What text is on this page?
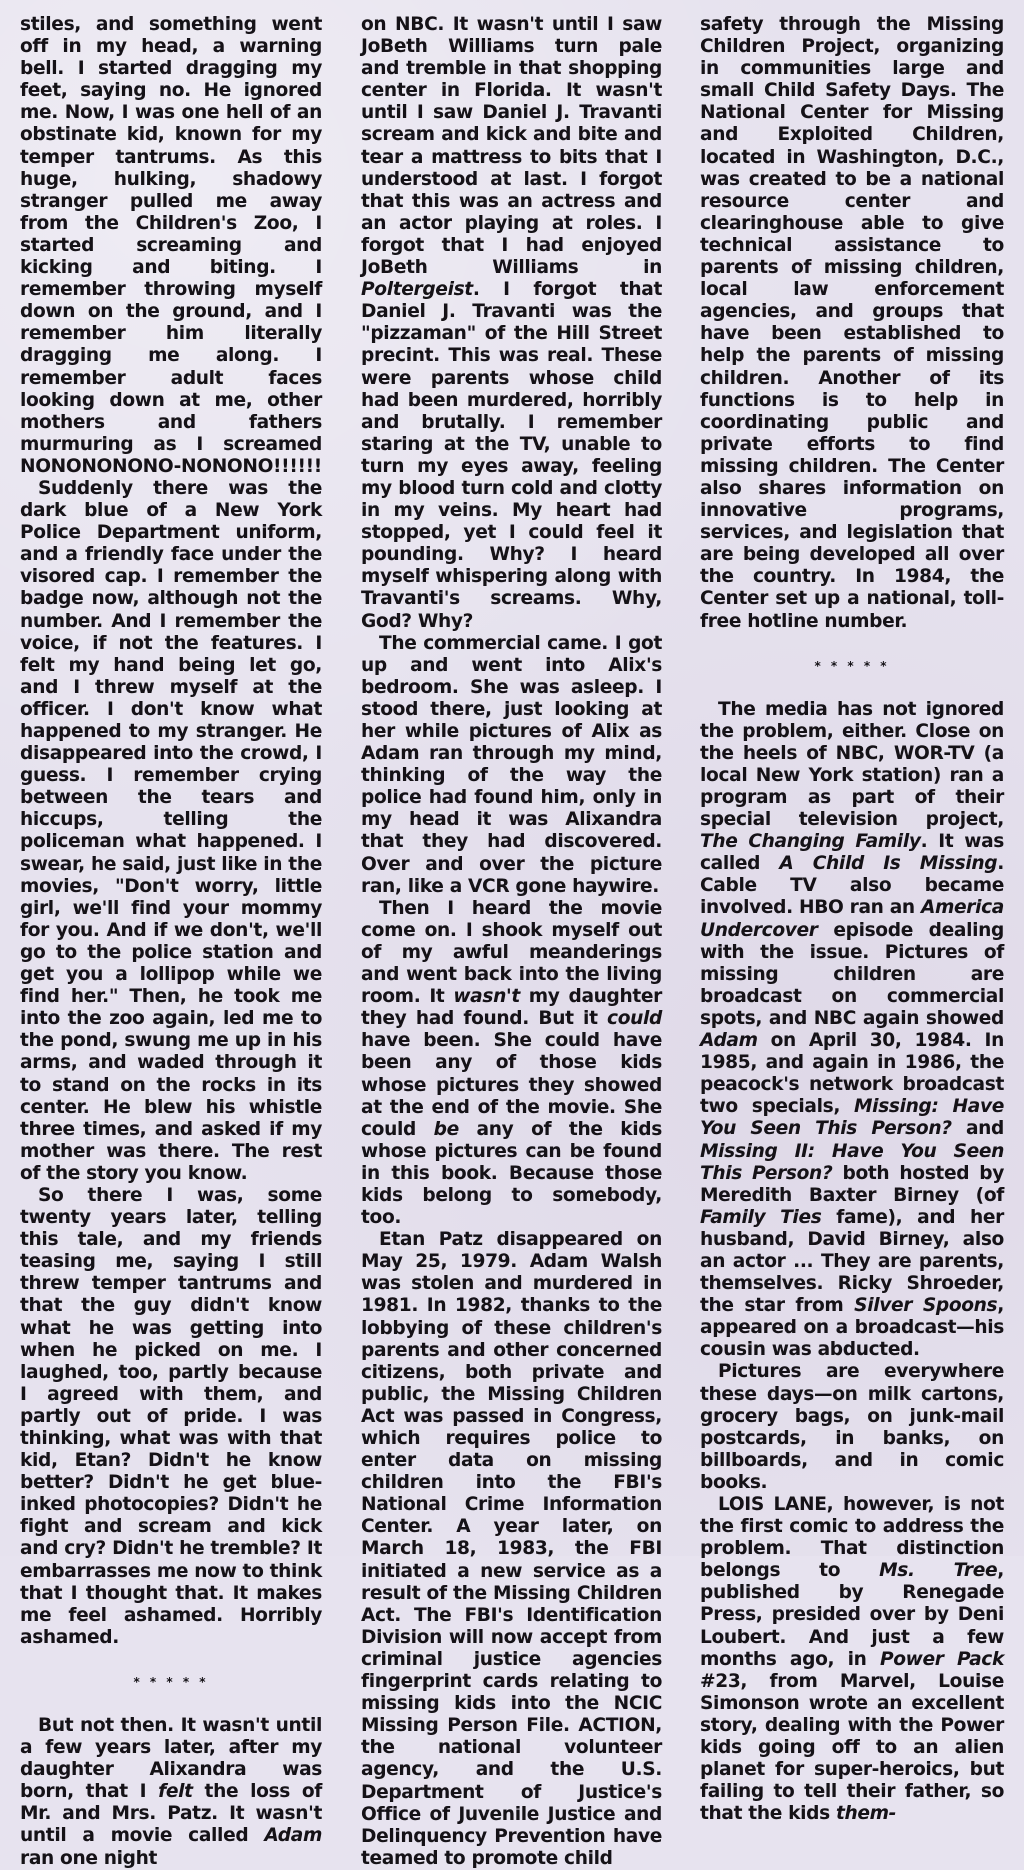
stiles, and something went off in my head, a warning bell. I started dragging my feet, saying no. He ignored me. Now, I was one hell of an obstinate kid, known for my temper tantrums. As this huge, hulking, shadowy stranger pulled me away from the Children's Zoo, I started screaming and kicking and biting. I remember throwing myself down on the ground, and I remember him literally dragging me along. I remember adult faces looking down at me, other mothers and fathers murmuring as I screamed NONONONONO-NONONO!!!!!!

Suddenly there was the dark blue of a New York Police Department uniform, and a friendly face under the visored cap. I remember the badge now, although not the number. And I remember the voice, if not the features. I felt my hand being let go, and I threw myself at the officer. I don't know what happened to my stranger. He disappeared into the crowd, I guess. I remember crying between the tears and hiccups, telling the policeman what happened. I swear, he said, just like in the movies, "Don't worry, little girl, we'll find your mommy for you. And if we don't, we'll go to the police station and get you a lollipop while we find her." Then, he took me into the zoo again, led me to the pond, swung me up in his arms, and waded through it to stand on the rocks in its center. He blew his whistle three times, and asked if my mother was there. The rest of the story you know.

So there I was, some twenty years later, telling this tale, and my friends teasing me, saying I still threw temper tantrums and that the guy didn't know what he was getting into when he picked on me. I laughed, too, partly because I agreed with them, and partly out of pride. I was thinking, what was with that kid, Etan? Didn't he know better? Didn't he get blue-inked photocopies? Didn't he fight and scream and kick and cry? Didn't he tremble? It embarrasses me now to think that I thought that. It makes me feel ashamed. Horribly ashamed.

* * * * *

But not then. It wasn't until a few years later, after my daughter Alixandra was born, that I felt the loss of Mr. and Mrs. Patz. It wasn't until a movie called Adam ran one night

on NBC. It wasn't until I saw JoBeth Williams turn pale and tremble in that shopping center in Florida. It wasn't until I saw Daniel J. Travanti scream and kick and bite and tear a mattress to bits that I understood at last. I forgot that this was an actress and an actor playing at roles. I forgot that I had enjoyed JoBeth Williams in Poltergeist. I forgot that Daniel J. Travanti was the "pizzaman" of the Hill Street precint. This was real. These were parents whose child had been murdered, horribly and brutally. I remember staring at the TV, unable to turn my eyes away, feeling my blood turn cold and clotty in my veins. My heart had stopped, yet I could feel it pounding. Why? I heard myself whispering along with Travanti's screams. Why, God? Why?

The commercial came. I got up and went into Alix's bedroom. She was asleep. I stood there, just looking at her while pictures of Alix as Adam ran through my mind, thinking of the way the police had found him, only in my head it was Alixandra that they had discovered. Over and over the picture ran, like a VCR gone haywire.

Then I heard the movie come on. I shook myself out of my awful meanderings and went back into the living room. It wasn't my daughter they had found. But it could have been. She could have been any of those kids whose pictures they showed at the end of the movie. She could be any of the kids whose pictures can be found in this book. Because those kids belong to somebody, too.

Etan Patz disappeared on May 25, 1979. Adam Walsh was stolen and murdered in 1981. In 1982, thanks to the lobbying of these children's parents and other concerned citizens, both private and public, the Missing Children Act was passed in Congress, which requires police to enter data on missing children into the FBI's National Crime Information Center. A year later, on March 18, 1983, the FBI initiated a new service as a result of the Missing Children Act. The FBI's Identification Division will now accept from criminal justice agencies fingerprint cards relating to missing kids into the NCIC Missing Person File. ACTION, the national volunteer agency, and the U.S. Department of Justice's Office of Juvenile Justice and Delinquency Prevention have teamed to promote child

safety through the Missing Children Project, organizing in communities large and small Child Safety Days. The National Center for Missing and Exploited Children, located in Washington, D.C., was created to be a national resource center and clearinghouse able to give technical assistance to parents of missing children, local law enforcement agencies, and groups that have been established to help the parents of missing children. Another of its functions is to help in coordinating public and private efforts to find missing children. The Center also shares information on innovative programs, services, and legislation that are being developed all over the country. In 1984, the Center set up a national, toll-free hotline number.

* * * * *

The media has not ignored the problem, either. Close on the heels of NBC, WOR-TV (a local New York station) ran a program as part of their special television project, The Changing Family. It was called A Child Is Missing. Cable TV also became involved. HBO ran an America Undercover episode dealing with the issue. Pictures of missing children are broadcast on commercial spots, and NBC again showed Adam on April 30, 1984. In 1985, and again in 1986, the peacock's network broadcast two specials, Missing: Have You Seen This Person? and Missing II: Have You Seen This Person? both hosted by Meredith Baxter Birney (of Family Ties fame), and her husband, David Birney, also an actor ... They are parents, themselves. Ricky Shroeder, the star from Silver Spoons, appeared on a broadcast—his cousin was abducted.

Pictures are everywhere these days—on milk cartons, grocery bags, on junk-mail postcards, in banks, on billboards, and in comic books.

LOIS LANE, however, is not the first comic to address the problem. That distinction belongs to Ms. Tree, published by Renegade Press, presided over by Deni Loubert. And just a few months ago, in Power Pack #23, from Marvel, Louise Simonson wrote an excellent story, dealing with the Power kids going off to an alien planet for super-heroics, but failing to tell their father, so that the kids them-
